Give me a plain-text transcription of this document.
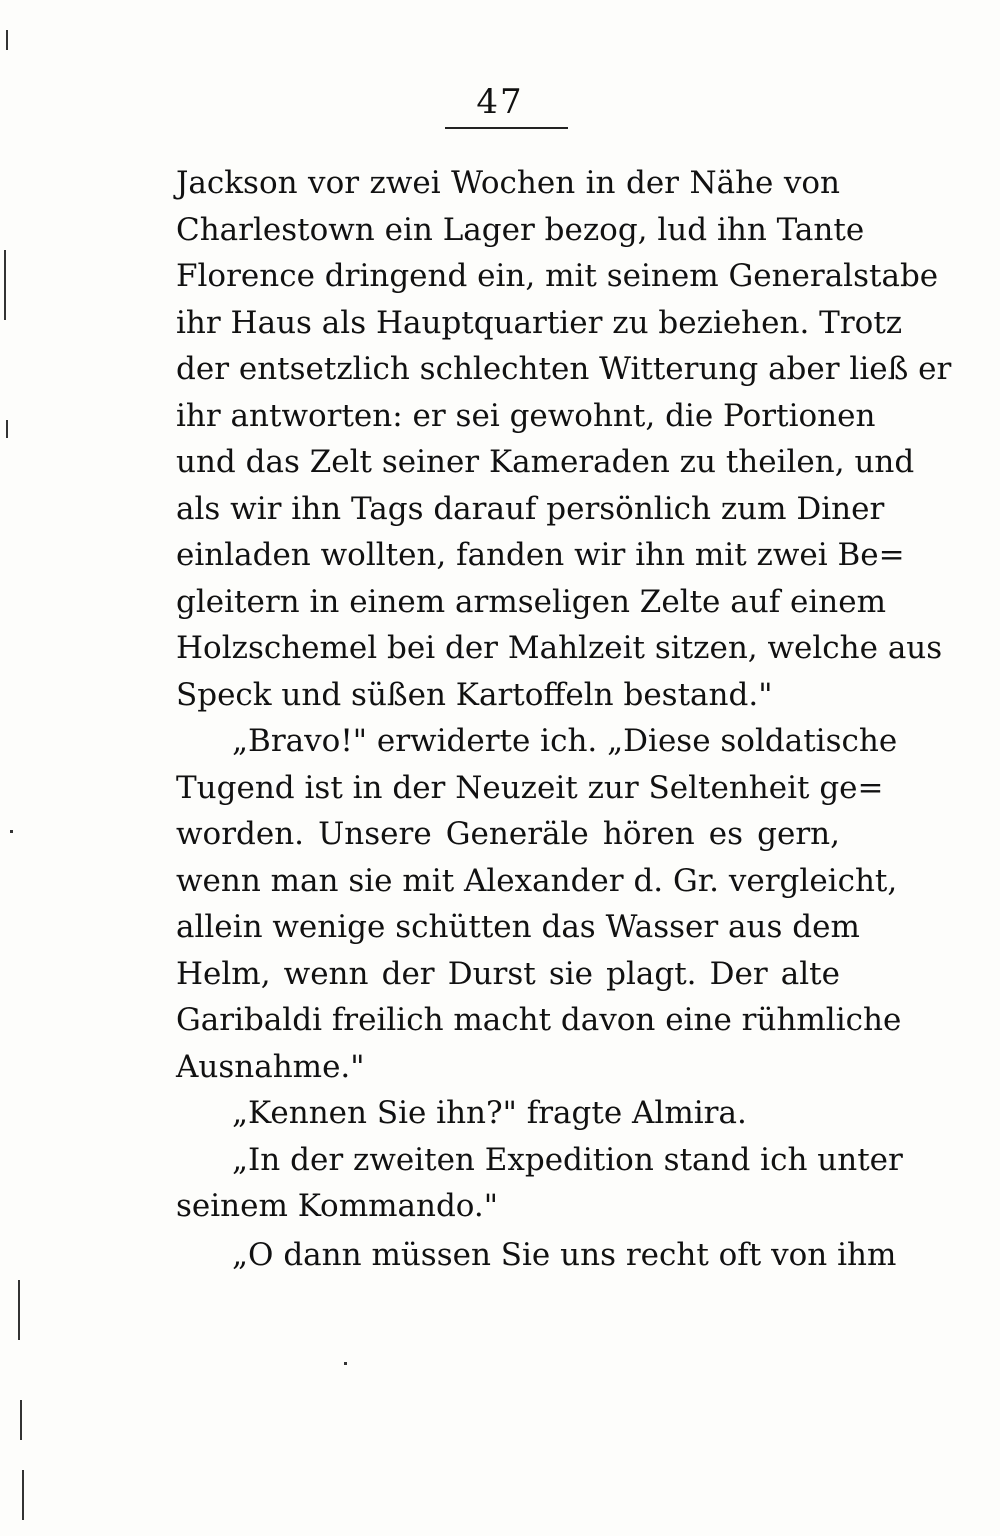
47
Jackson vor zwei Wochen in der Nähe von
Charlestown ein Lager bezog, lud ihn Tante
Florence dringend ein, mit seinem Generalstabe
ihr Haus als Hauptquartier zu beziehen. Trotz
der entsetzlich schlechten Witterung aber ließ er
ihr antworten: er sei gewohnt, die Portionen
und das Zelt seiner Kameraden zu theilen, und
als wir ihn Tags darauf persönlich zum Diner
einladen wollten, fanden wir ihn mit zwei Be=
gleitern in einem armseligen Zelte auf einem
Holzschemel bei der Mahlzeit sitzen, welche aus
Speck und süßen Kartoffeln bestand."
„Bravo!" erwiderte ich. „Diese soldatische
Tugend ist in der Neuzeit zur Seltenheit ge=
worden. Unsere Generäle hören es gern,
wenn man sie mit Alexander d. Gr. vergleicht,
allein wenige schütten das Wasser aus dem
Helm, wenn der Durst sie plagt. Der alte
Garibaldi freilich macht davon eine rühmliche
Ausnahme."
„Kennen Sie ihn?" fragte Almira.
„In der zweiten Expedition stand ich unter
seinem Kommando."
„O dann müssen Sie uns recht oft von ihm
